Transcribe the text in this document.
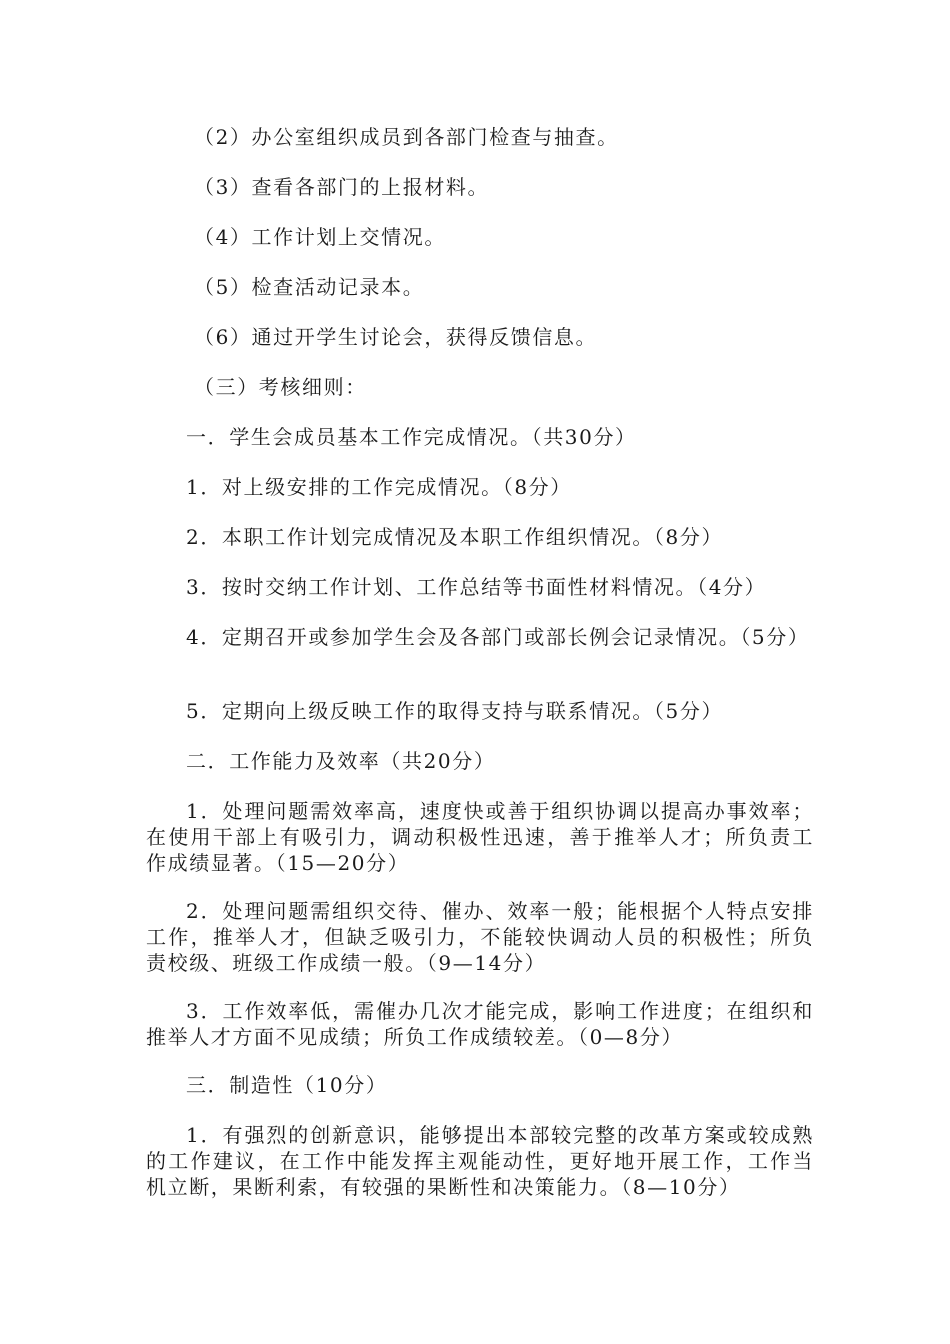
（2）办公室组织成员到各部门检查与抽查。

（3）查看各部门的上报材料。

（4）工作计划上交情况。

（5）检查活动记录本。

（6）通过开学生讨论会，获得反馈信息。

（三）考核细则：

一．学生会成员基本工作完成情况。（共30分）

1．对上级安排的工作完成情况。（8分）

2．本职工作计划完成情况及本职工作组织情况。（8分）

3．按时交纳工作计划、工作总结等书面性材料情况。（4分）

4．定期召开或参加学生会及各部门或部长例会记录情况。（5分）

5．定期向上级反映工作的取得支持与联系情况。（5分）

二．工作能力及效率（共20分）

1．处理问题需效率高，速度快或善于组织协调以提高办事效率；在使用干部上有吸引力，调动积极性迅速，善于推举人才；所负责工作成绩显著。（15—20分）

2．处理问题需组织交待、催办、效率一般；能根据个人特点安排工作，推举人才，但缺乏吸引力，不能较快调动人员的积极性；所负责校级、班级工作成绩一般。（9—14分）

3．工作效率低，需催办几次才能完成，影响工作进度；在组织和推举人才方面不见成绩；所负工作成绩较差。（0—8分）

三．制造性（10分）

1．有强烈的创新意识，能够提出本部较完整的改革方案或较成熟的工作建议，在工作中能发挥主观能动性，更好地开展工作，工作当机立断，果断利索，有较强的果断性和决策能力。（8—10分）
